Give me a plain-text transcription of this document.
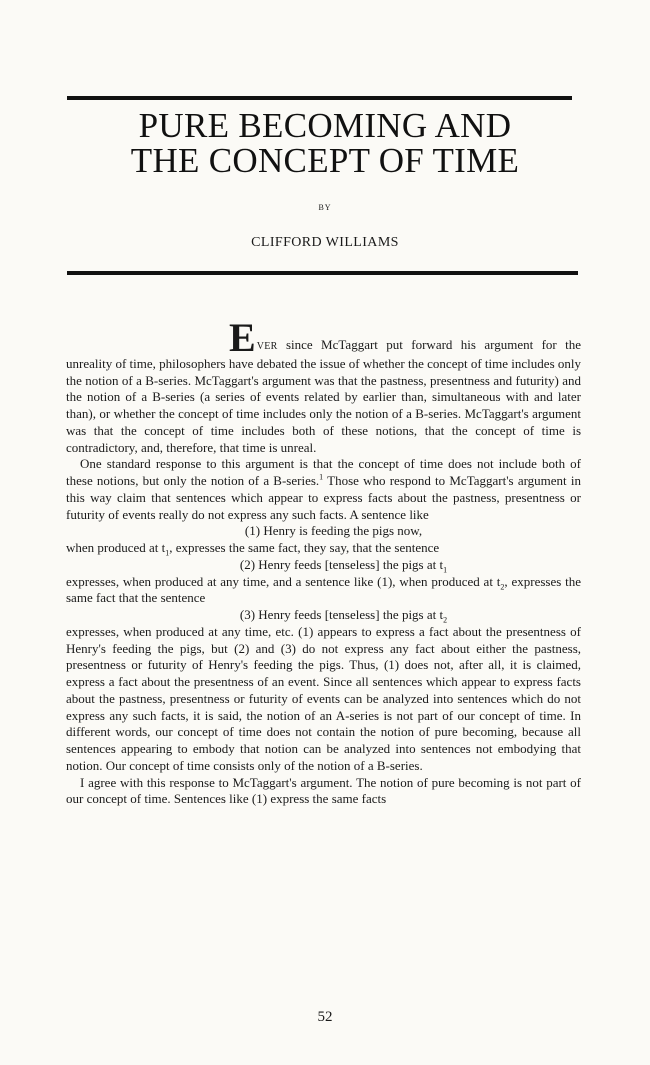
PURE BECOMING AND
THE CONCEPT OF TIME
BY
CLIFFORD WILLIAMS

EVER since McTaggart put forward his argument for the unreality of time, philosophers have debated the issue of whether the concept of time includes only the notion of a B-series. McTaggart's argument was that the pastness, presentness and futurity) and the notion of a B-series (a series of events related by earlier than, simultaneous with and later than), or whether the concept of time includes only the notion of a B-series. McTaggart's argument was that the concept of time includes both of these notions, that the concept of time is contradictory, and, therefore, that time is unreal.

One standard response to this argument is that the concept of time does not include both of these notions, but only the notion of a B-series.$^1$ Those who respond to McTaggart's argument in this way claim that sentences which appear to express facts about the pastness, presentness or futurity of events really do not express any such facts. A sentence like

(1) Henry is feeding the pigs now,

when produced at $t_1$, expresses the same fact, they say, that the sentence

(2) Henry feeds [tenseless] the pigs at $t_1$

expresses, when produced at any time, and a sentence like (1), when produced at $t_2$, expresses the same fact that the sentence

(3) Henry feeds [tenseless] the pigs at $t_2$

expresses, when produced at any time, etc. (1) appears to express a fact about the presentness of Henry's feeding the pigs, but (2) and (3) do not express any fact about either the pastness, presentness or futurity of Henry's feeding the pigs. Thus, (1) does not, after all, it is claimed, express a fact about the presentness of an event. Since all sentences which appear to express facts about the pastness, presentness or futurity of events can be analyzed into sentences which do not express any such facts, it is said, the notion of an A-series is not part of our concept of time. In different words, our concept of time does not contain the notion of pure becoming, because all sentences appearing to embody that notion can be analyzed into sentences not embodying that notion. Our concept of time consists only of the notion of a B-series.

I agree with this response to McTaggart's argument. The notion of pure becoming is not part of our concept of time. Sentences like (1) express the same facts

52
